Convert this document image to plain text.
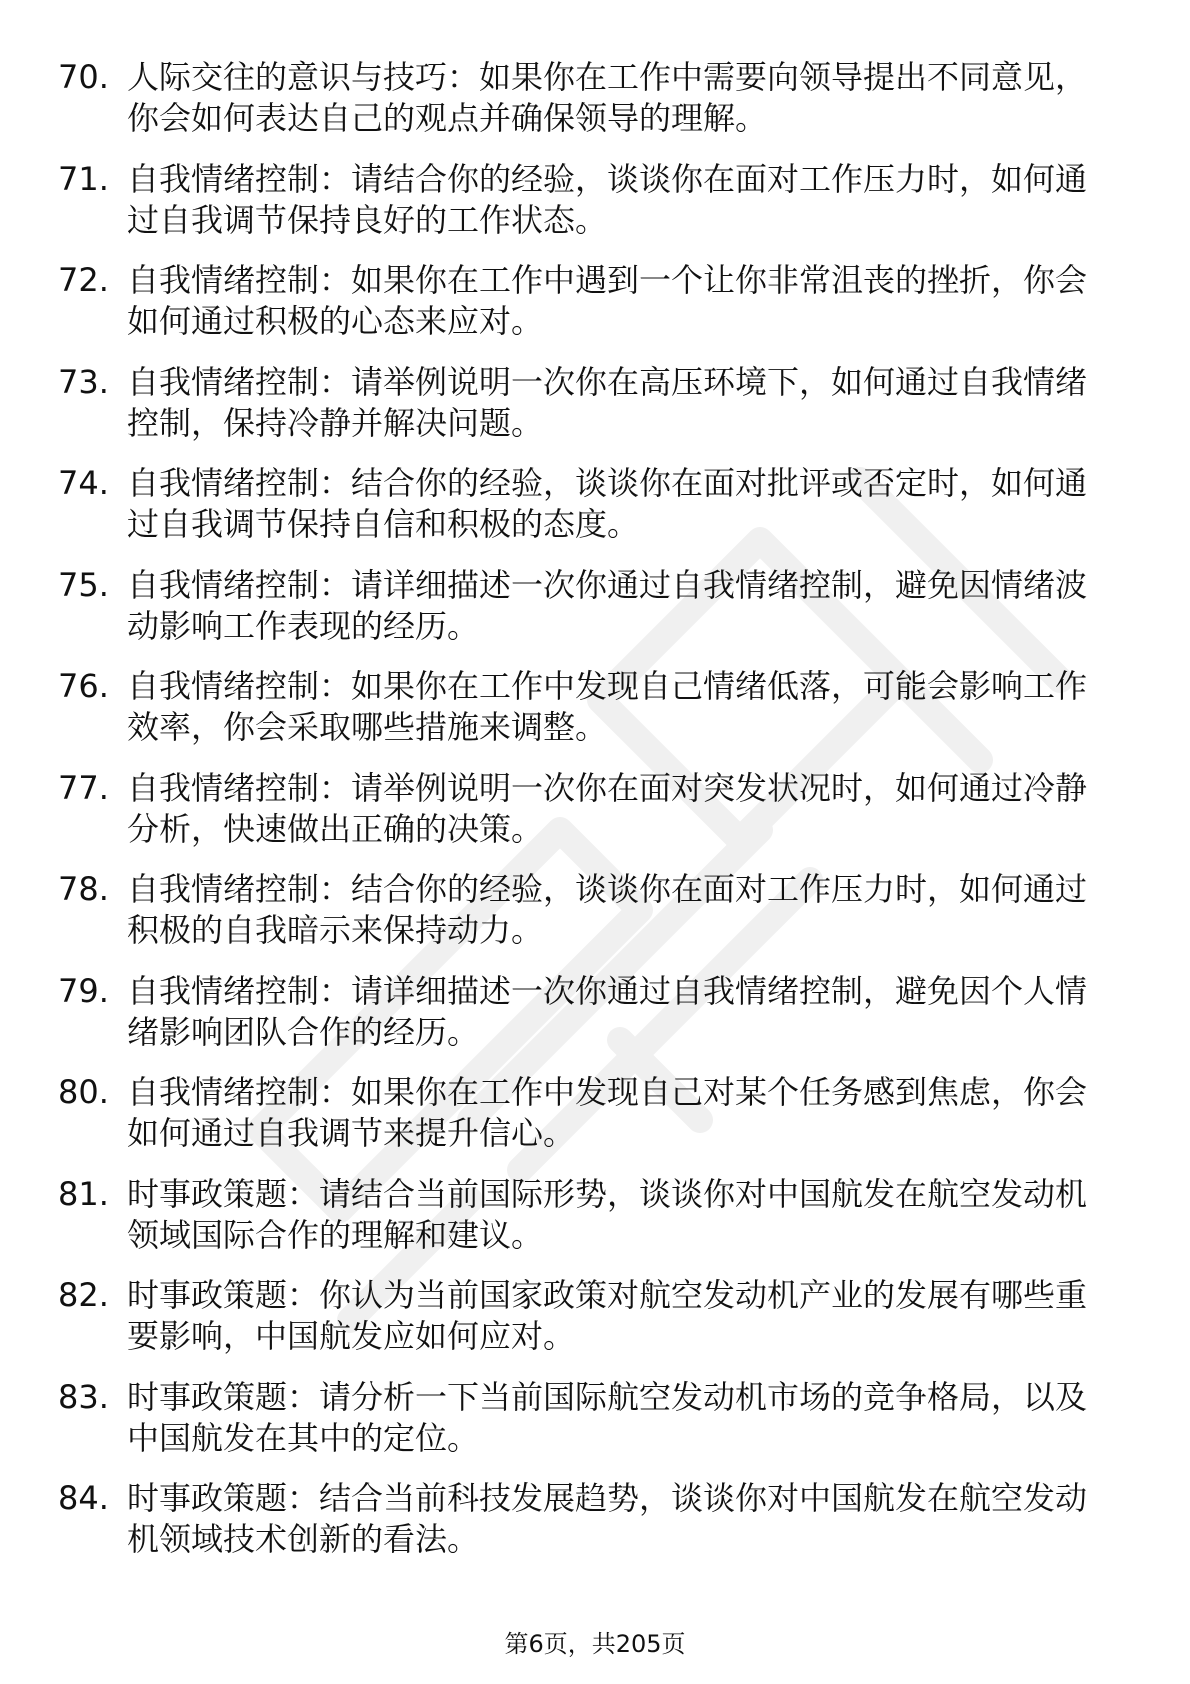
70. 人际交往的意识与技巧：如果你在工作中需要向领导提出不同意见，你会如何表达自己的观点并确保领导的理解。
71. 自我情绪控制：请结合你的经验，谈谈你在面对工作压力时，如何通过自我调节保持良好的工作状态。
72. 自我情绪控制：如果你在工作中遇到一个让你非常沮丧的挫折，你会如何通过积极的心态来应对。
73. 自我情绪控制：请举例说明一次你在高压环境下，如何通过自我情绪控制，保持冷静并解决问题。
74. 自我情绪控制：结合你的经验，谈谈你在面对批评或否定时，如何通过自我调节保持自信和积极的态度。
75. 自我情绪控制：请详细描述一次你通过自我情绪控制，避免因情绪波动影响工作表现的经历。
76. 自我情绪控制：如果你在工作中发现自己情绪低落，可能会影响工作效率，你会采取哪些措施来调整。
77. 自我情绪控制：请举例说明一次你在面对突发状况时，如何通过冷静分析，快速做出正确的决策。
78. 自我情绪控制：结合你的经验，谈谈你在面对工作压力时，如何通过积极的自我暗示来保持动力。
79. 自我情绪控制：请详细描述一次你通过自我情绪控制，避免因个人情绪影响团队合作的经历。
80. 自我情绪控制：如果你在工作中发现自己对某个任务感到焦虑，你会如何通过自我调节来提升信心。
81. 时事政策题：请结合当前国际形势，谈谈你对中国航发在航空发动机领域国际合作的理解和建议。
82. 时事政策题：你认为当前国家政策对航空发动机产业的发展有哪些重要影响，中国航发应如何应对。
83. 时事政策题：请分析一下当前国际航空发动机市场的竞争格局，以及中国航发在其中的定位。
84. 时事政策题：结合当前科技发展趋势，谈谈你对中国航发在航空发动机领域技术创新的看法。
第6页，共205页
